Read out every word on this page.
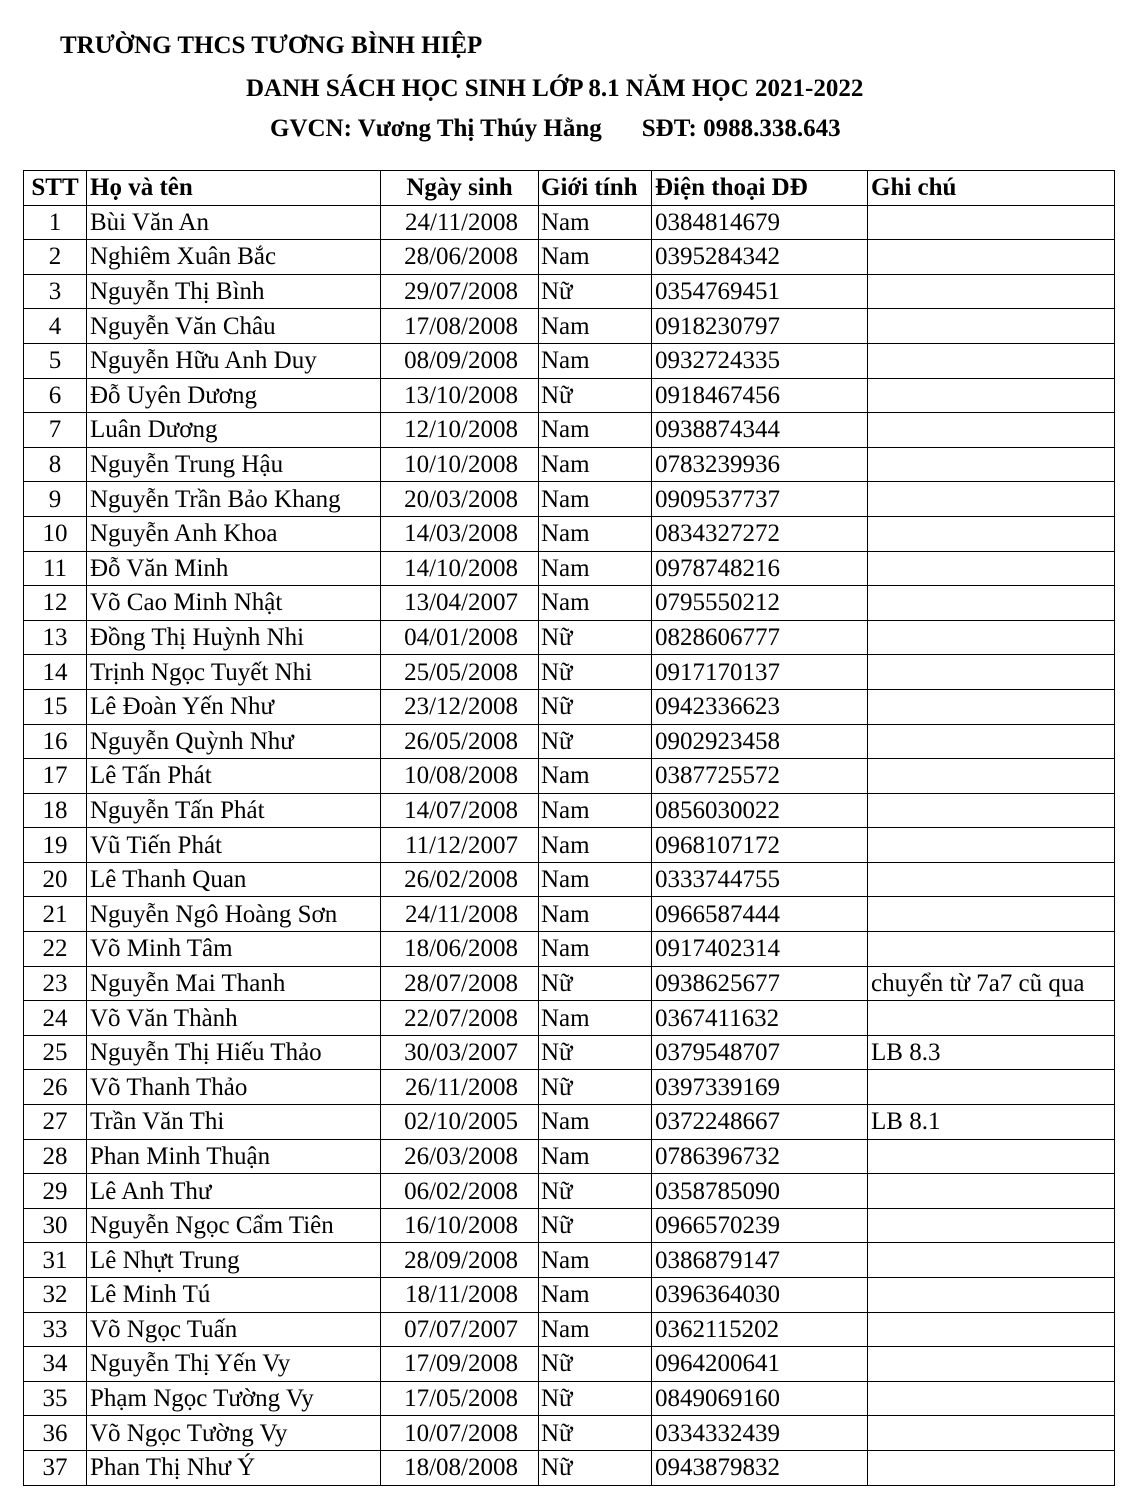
TRƯỜNG THCS TƯƠNG BÌNH HIỆP
DANH SÁCH HỌC SINH LỚP 8.1 NĂM HỌC 2021-2022
GVCN: Vương Thị Thúy Hằng SĐT: 0988.338.643
STT	Họ và tên	Ngày sinh	Giới tính	Điện thoại DĐ	Ghi chú
1	Bùi Văn An	24/11/2008	Nam	0384814679	
2	Nghiêm Xuân Bắc	28/06/2008	Nam	0395284342	
3	Nguyễn Thị Bình	29/07/2008	Nữ	0354769451	
4	Nguyễn Văn Châu	17/08/2008	Nam	0918230797	
5	Nguyễn Hữu Anh Duy	08/09/2008	Nam	0932724335	
6	Đỗ Uyên Dương	13/10/2008	Nữ	0918467456	
7	Luân Dương	12/10/2008	Nam	0938874344	
8	Nguyễn Trung Hậu	10/10/2008	Nam	0783239936	
9	Nguyễn Trần Bảo Khang	20/03/2008	Nam	0909537737	
10	Nguyễn Anh Khoa	14/03/2008	Nam	0834327272	
11	Đỗ Văn Minh	14/10/2008	Nam	0978748216	
12	Võ Cao Minh Nhật	13/04/2007	Nam	0795550212	
13	Đồng Thị Huỳnh Nhi	04/01/2008	Nữ	0828606777	
14	Trịnh Ngọc Tuyết Nhi	25/05/2008	Nữ	0917170137	
15	Lê Đoàn Yến Như	23/12/2008	Nữ	0942336623	
16	Nguyễn Quỳnh Như	26/05/2008	Nữ	0902923458	
17	Lê Tấn Phát	10/08/2008	Nam	0387725572	
18	Nguyễn Tấn Phát	14/07/2008	Nam	0856030022	
19	Vũ Tiến Phát	11/12/2007	Nam	0968107172	
20	Lê Thanh Quan	26/02/2008	Nam	0333744755	
21	Nguyễn Ngô Hoàng Sơn	24/11/2008	Nam	0966587444	
22	Võ Minh Tâm	18/06/2008	Nam	0917402314	
23	Nguyễn Mai Thanh	28/07/2008	Nữ	0938625677	chuyển từ 7a7 cũ qua
24	Võ Văn Thành	22/07/2008	Nam	0367411632	
25	Nguyễn Thị Hiếu Thảo	30/03/2007	Nữ	0379548707	LB 8.3
26	Võ Thanh Thảo	26/11/2008	Nữ	0397339169	
27	Trần Văn Thi	02/10/2005	Nam	0372248667	LB 8.1
28	Phan Minh Thuận	26/03/2008	Nam	0786396732	
29	Lê Anh Thư	06/02/2008	Nữ	0358785090	
30	Nguyễn Ngọc Cẩm Tiên	16/10/2008	Nữ	0966570239	
31	Lê Nhựt Trung	28/09/2008	Nam	0386879147	
32	Lê Minh Tú	18/11/2008	Nam	0396364030	
33	Võ Ngọc Tuấn	07/07/2007	Nam	0362115202	
34	Nguyễn Thị Yến Vy	17/09/2008	Nữ	0964200641	
35	Phạm Ngọc Tường Vy	17/05/2008	Nữ	0849069160	
36	Võ Ngọc Tường Vy	10/07/2008	Nữ	0334332439	
37	Phan Thị Như Ý	18/08/2008	Nữ	0943879832	
